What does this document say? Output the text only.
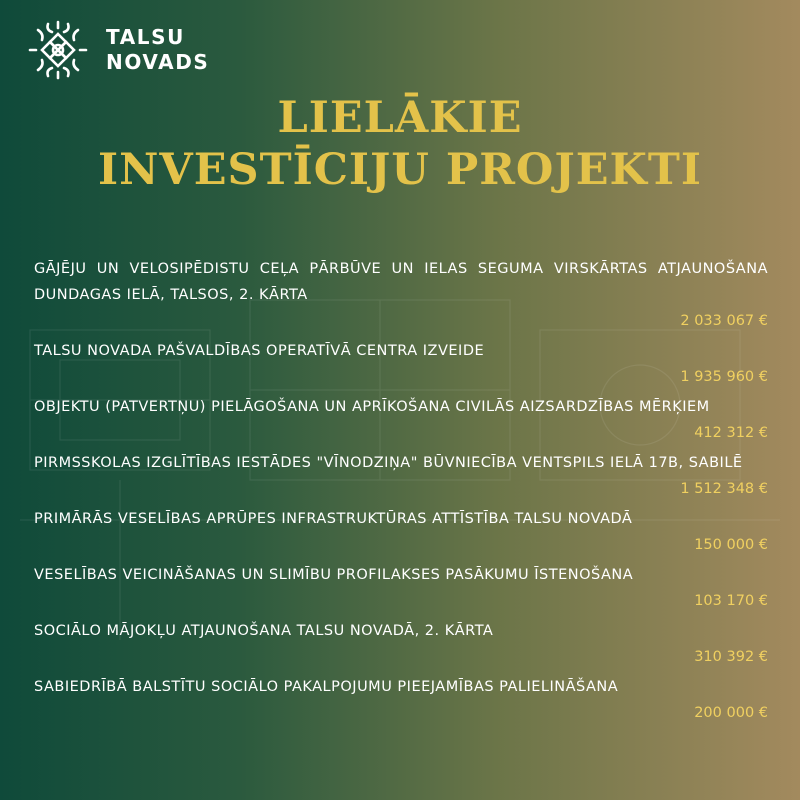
TALSU
NOVADS
LIELĀKIE
INVESTĪCIJU PROJEKTI
GĀJĒJU UN VELOSIPĒDISTU CEĻA PĀRBŪVE UN IELAS SEGUMA VIRSKĀRTAS ATJAUNOŠANA DUNDAGAS IELĀ, TALSOS, 2. KĀRTA
2 033 067 €
TALSU NOVADA PAŠVALDĪBAS OPERATĪVĀ CENTRA IZVEIDE
1 935 960 €
OBJEKTU (PATVERTŅU) PIELĀGOŠANA UN APRĪKOŠANA CIVILĀS AIZSARDZĪBAS MĒRĶIEM
412 312 €
PIRMSSKOLAS IZGLĪTĪBAS IESTĀDES "VĪNODZIŅA" BŪVNIECĪBA VENTSPILS IELĀ 17B, SABILĒ
1 512 348 €
PRIMĀRĀS VESELĪBAS APRŪPES INFRASTRUKTŪRAS ATTĪSTĪBA TALSU NOVADĀ
150 000 €
VESELĪBAS VEICINĀŠANAS UN SLIMĪBU PROFILAKSES PASĀKUMU ĪSTENOŠANA
103 170 €
SOCIĀLO MĀJOKĻU ATJAUNOŠANA TALSU NOVADĀ, 2. KĀRTA
310 392 €
SABIEDRĪBĀ BALSTĪTU SOCIĀLO PAKALPOJUMU PIEEJAMĪBAS PALIELINĀŠANA
200 000 €
